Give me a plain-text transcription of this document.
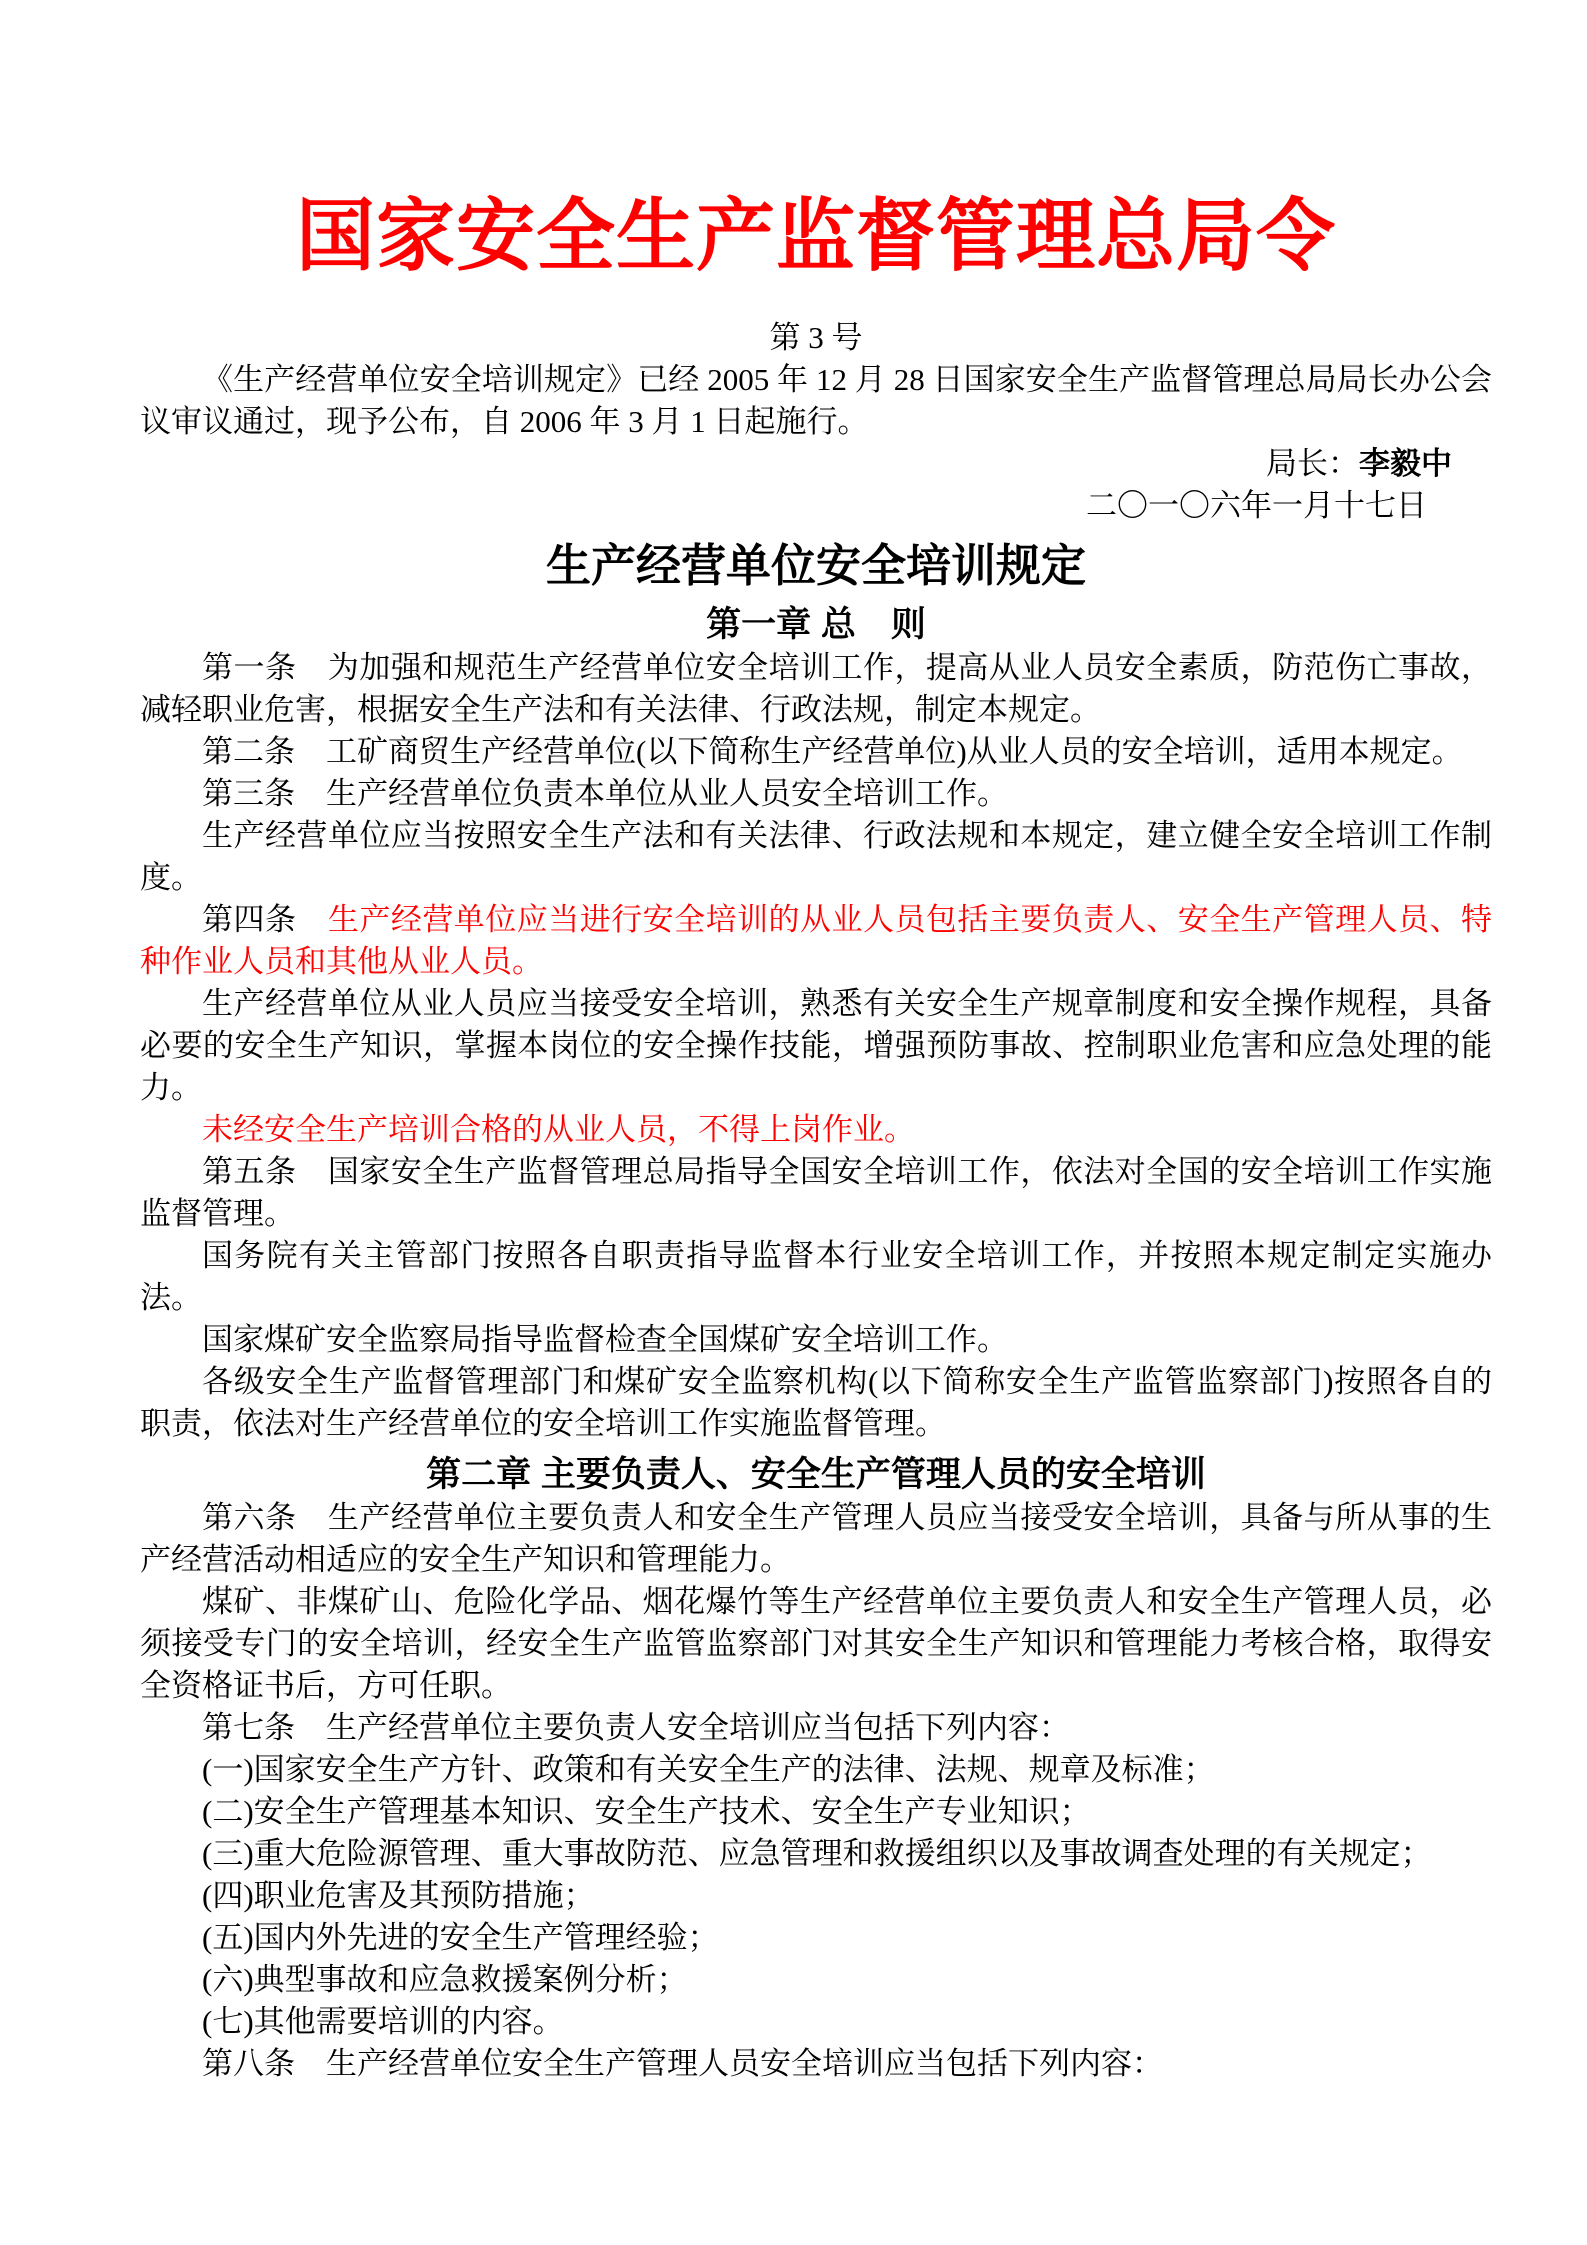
国家安全生产监督管理总局令
第 3 号

《生产经营单位安全培训规定》已经 2005 年 12 月 28 日国家安全生产监督管理总局局长办公会议审议通过，现予公布，自 2006 年 3 月 1 日起施行。

局长：李毅中
二〇一〇六年一月十七日
生产经营单位安全培训规定
第一章 总　则

第一条　为加强和规范生产经营单位安全培训工作，提高从业人员安全素质，防范伤亡事故，减轻职业危害，根据安全生产法和有关法律、行政法规，制定本规定。

第二条　工矿商贸生产经营单位(以下简称生产经营单位)从业人员的安全培训，适用本规定。

第三条　生产经营单位负责本单位从业人员安全培训工作。

生产经营单位应当按照安全生产法和有关法律、行政法规和本规定，建立健全安全培训工作制度。

第四条　生产经营单位应当进行安全培训的从业人员包括主要负责人、安全生产管理人员、特种作业人员和其他从业人员。

生产经营单位从业人员应当接受安全培训，熟悉有关安全生产规章制度和安全操作规程，具备必要的安全生产知识，掌握本岗位的安全操作技能，增强预防事故、控制职业危害和应急处理的能力。

未经安全生产培训合格的从业人员，不得上岗作业。

第五条　国家安全生产监督管理总局指导全国安全培训工作，依法对全国的安全培训工作实施监督管理。

国务院有关主管部门按照各自职责指导监督本行业安全培训工作，并按照本规定制定实施办法。

国家煤矿安全监察局指导监督检查全国煤矿安全培训工作。

各级安全生产监督管理部门和煤矿安全监察机构(以下简称安全生产监管监察部门)按照各自的职责，依法对生产经营单位的安全培训工作实施监督管理。

第二章 主要负责人、安全生产管理人员的安全培训

第六条　生产经营单位主要负责人和安全生产管理人员应当接受安全培训，具备与所从事的生产经营活动相适应的安全生产知识和管理能力。

煤矿、非煤矿山、危险化学品、烟花爆竹等生产经营单位主要负责人和安全生产管理人员，必须接受专门的安全培训，经安全生产监管监察部门对其安全生产知识和管理能力考核合格，取得安全资格证书后，方可任职。

第七条　生产经营单位主要负责人安全培训应当包括下列内容：

(一)国家安全生产方针、政策和有关安全生产的法律、法规、规章及标准；

(二)安全生产管理基本知识、安全生产技术、安全生产专业知识；

(三)重大危险源管理、重大事故防范、应急管理和救援组织以及事故调查处理的有关规定；

(四)职业危害及其预防措施；

(五)国内外先进的安全生产管理经验；

(六)典型事故和应急救援案例分析；

(七)其他需要培训的内容。

第八条　生产经营单位安全生产管理人员安全培训应当包括下列内容：
